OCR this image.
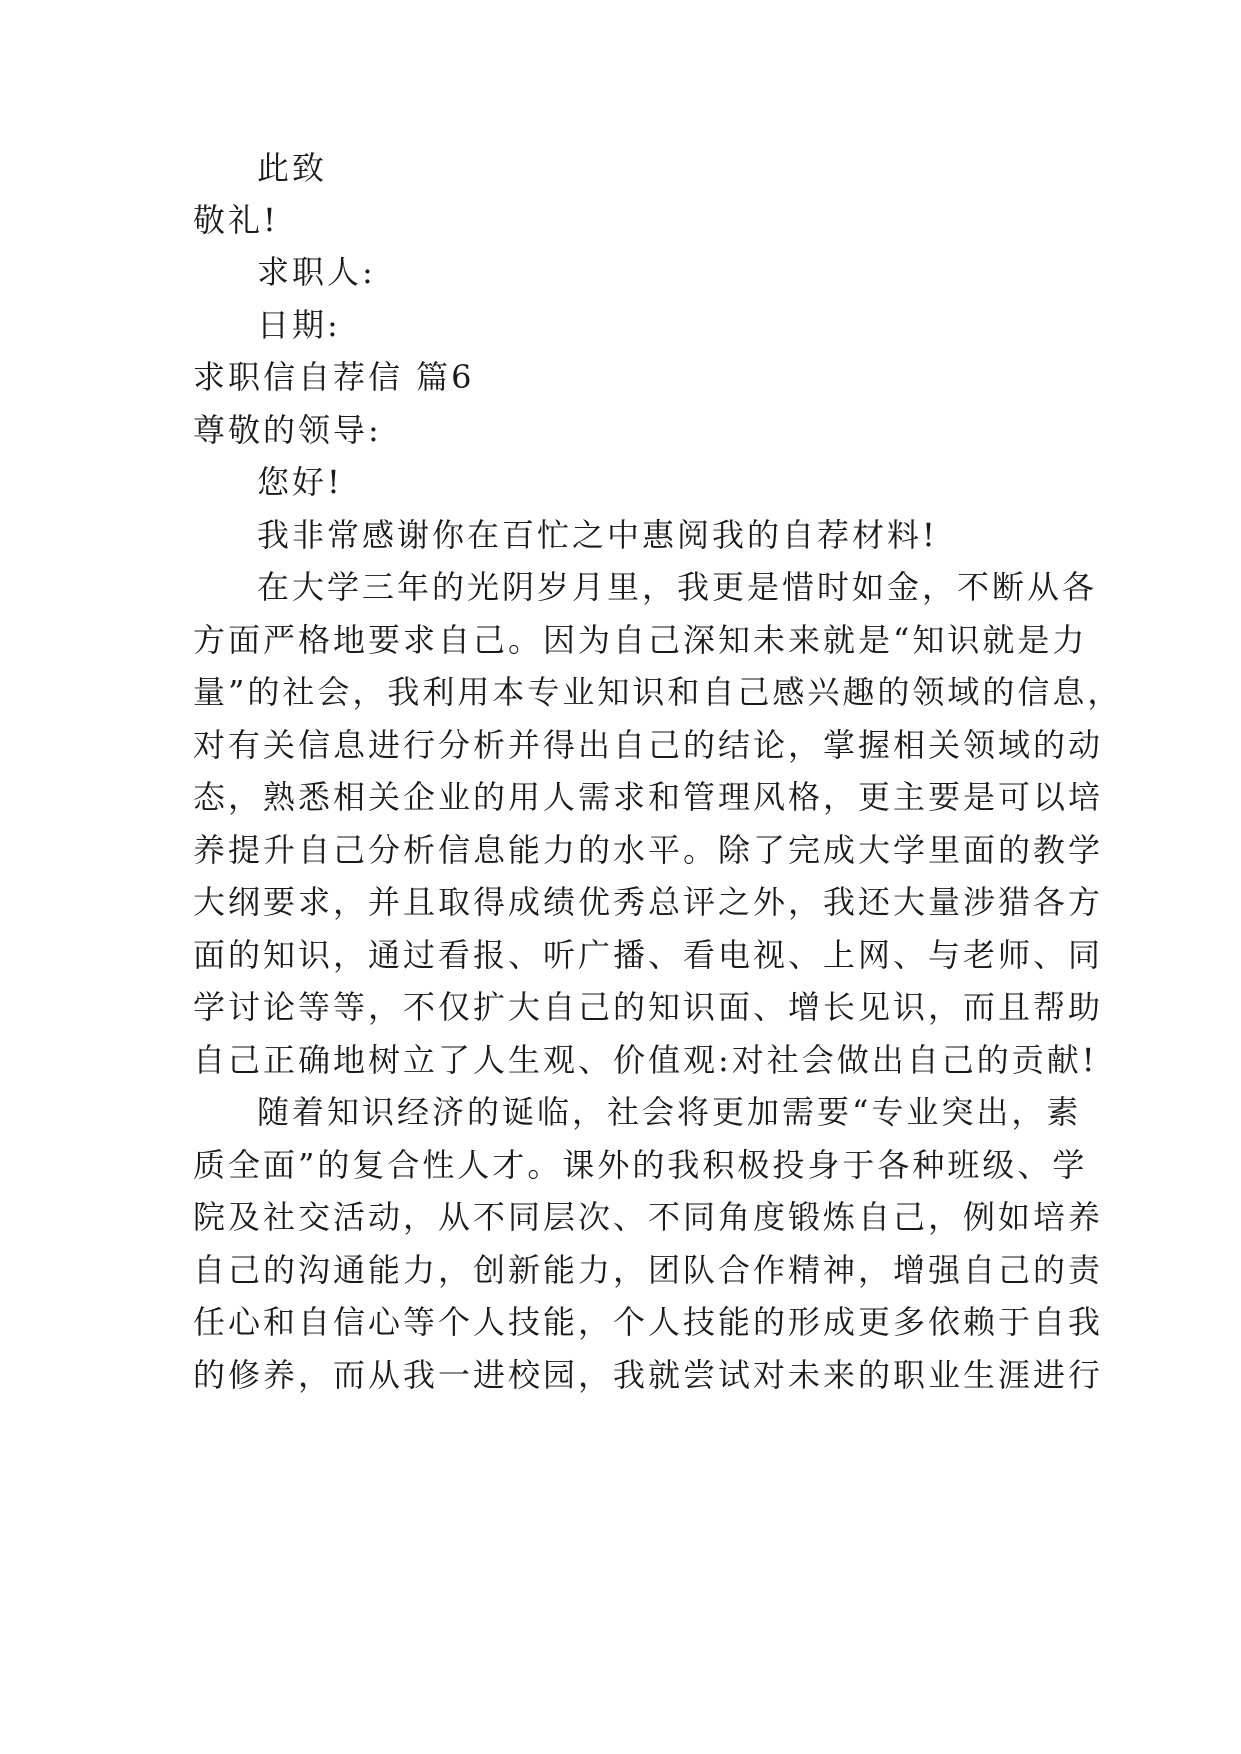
此致
敬礼!
求职人:
日期:
求职信自荐信 篇6
尊敬的领导:
您好!
我非常感谢你在百忙之中惠阅我的自荐材料!
在大学三年的光阴岁月里，我更是惜时如金，不断从各
方面严格地要求自己。因为自己深知未来就是“知识就是力
量”的社会，我利用本专业知识和自己感兴趣的领域的信息，
对有关信息进行分析并得出自己的结论，掌握相关领域的动
态，熟悉相关企业的用人需求和管理风格，更主要是可以培
养提升自己分析信息能力的水平。除了完成大学里面的教学
大纲要求，并且取得成绩优秀总评之外，我还大量涉猎各方
面的知识，通过看报、听广播、看电视、上网、与老师、同
学讨论等等，不仅扩大自己的知识面、增长见识，而且帮助
自己正确地树立了人生观、价值观:对社会做出自己的贡献!
随着知识经济的诞临，社会将更加需要“专业突出，素
质全面”的复合性人才。课外的我积极投身于各种班级、学
院及社交活动，从不同层次、不同角度锻炼自己，例如培养
自己的沟通能力，创新能力，团队合作精神，增强自己的责
任心和自信心等个人技能，个人技能的形成更多依赖于自我
的修养，而从我一进校园，我就尝试对未来的职业生涯进行
